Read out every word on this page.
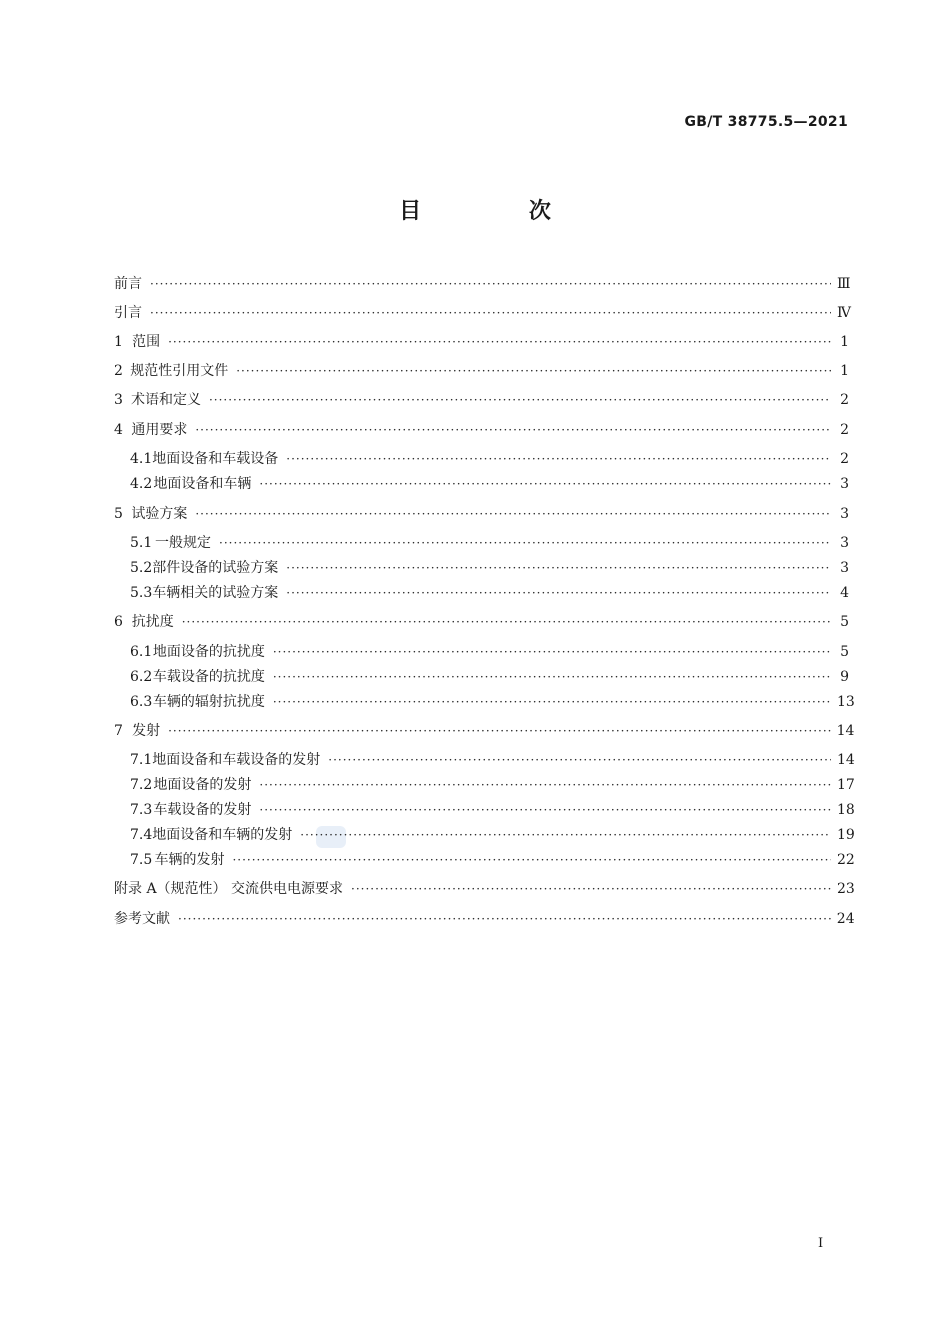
GB/T 38775.5—2021
目 次
前言 ·····	Ⅲ
引言 ·····	Ⅳ
1 范围 ·····	1
2 规范性引用文件 ·····	1
3 术语和定义 ·····	2
4 通用要求 ·····	2
4.1 地面设备和车载设备 ·····	2
4.2 地面设备和车辆 ·····	3
5 试验方案 ·····	3
5.1 一般规定 ·····	3
5.2 部件设备的试验方案 ·····	3
5.3 车辆相关的试验方案 ·····	4
6 抗扰度 ·····	5
6.1 地面设备的抗扰度 ·····	5
6.2 车载设备的抗扰度 ·····	9
6.3 车辆的辐射抗扰度 ·····	13
7 发射 ·····	14
7.1 地面设备和车载设备的发射 ·····	14
7.2 地面设备的发射 ·····	17
7.3 车载设备的发射 ·····	18
7.4 地面设备和车辆的发射 ·····	19
7.5 车辆的发射 ·····	22
附录 A（规范性） 交流供电电源要求 ·····	23
参考文献 ·····	24
I
